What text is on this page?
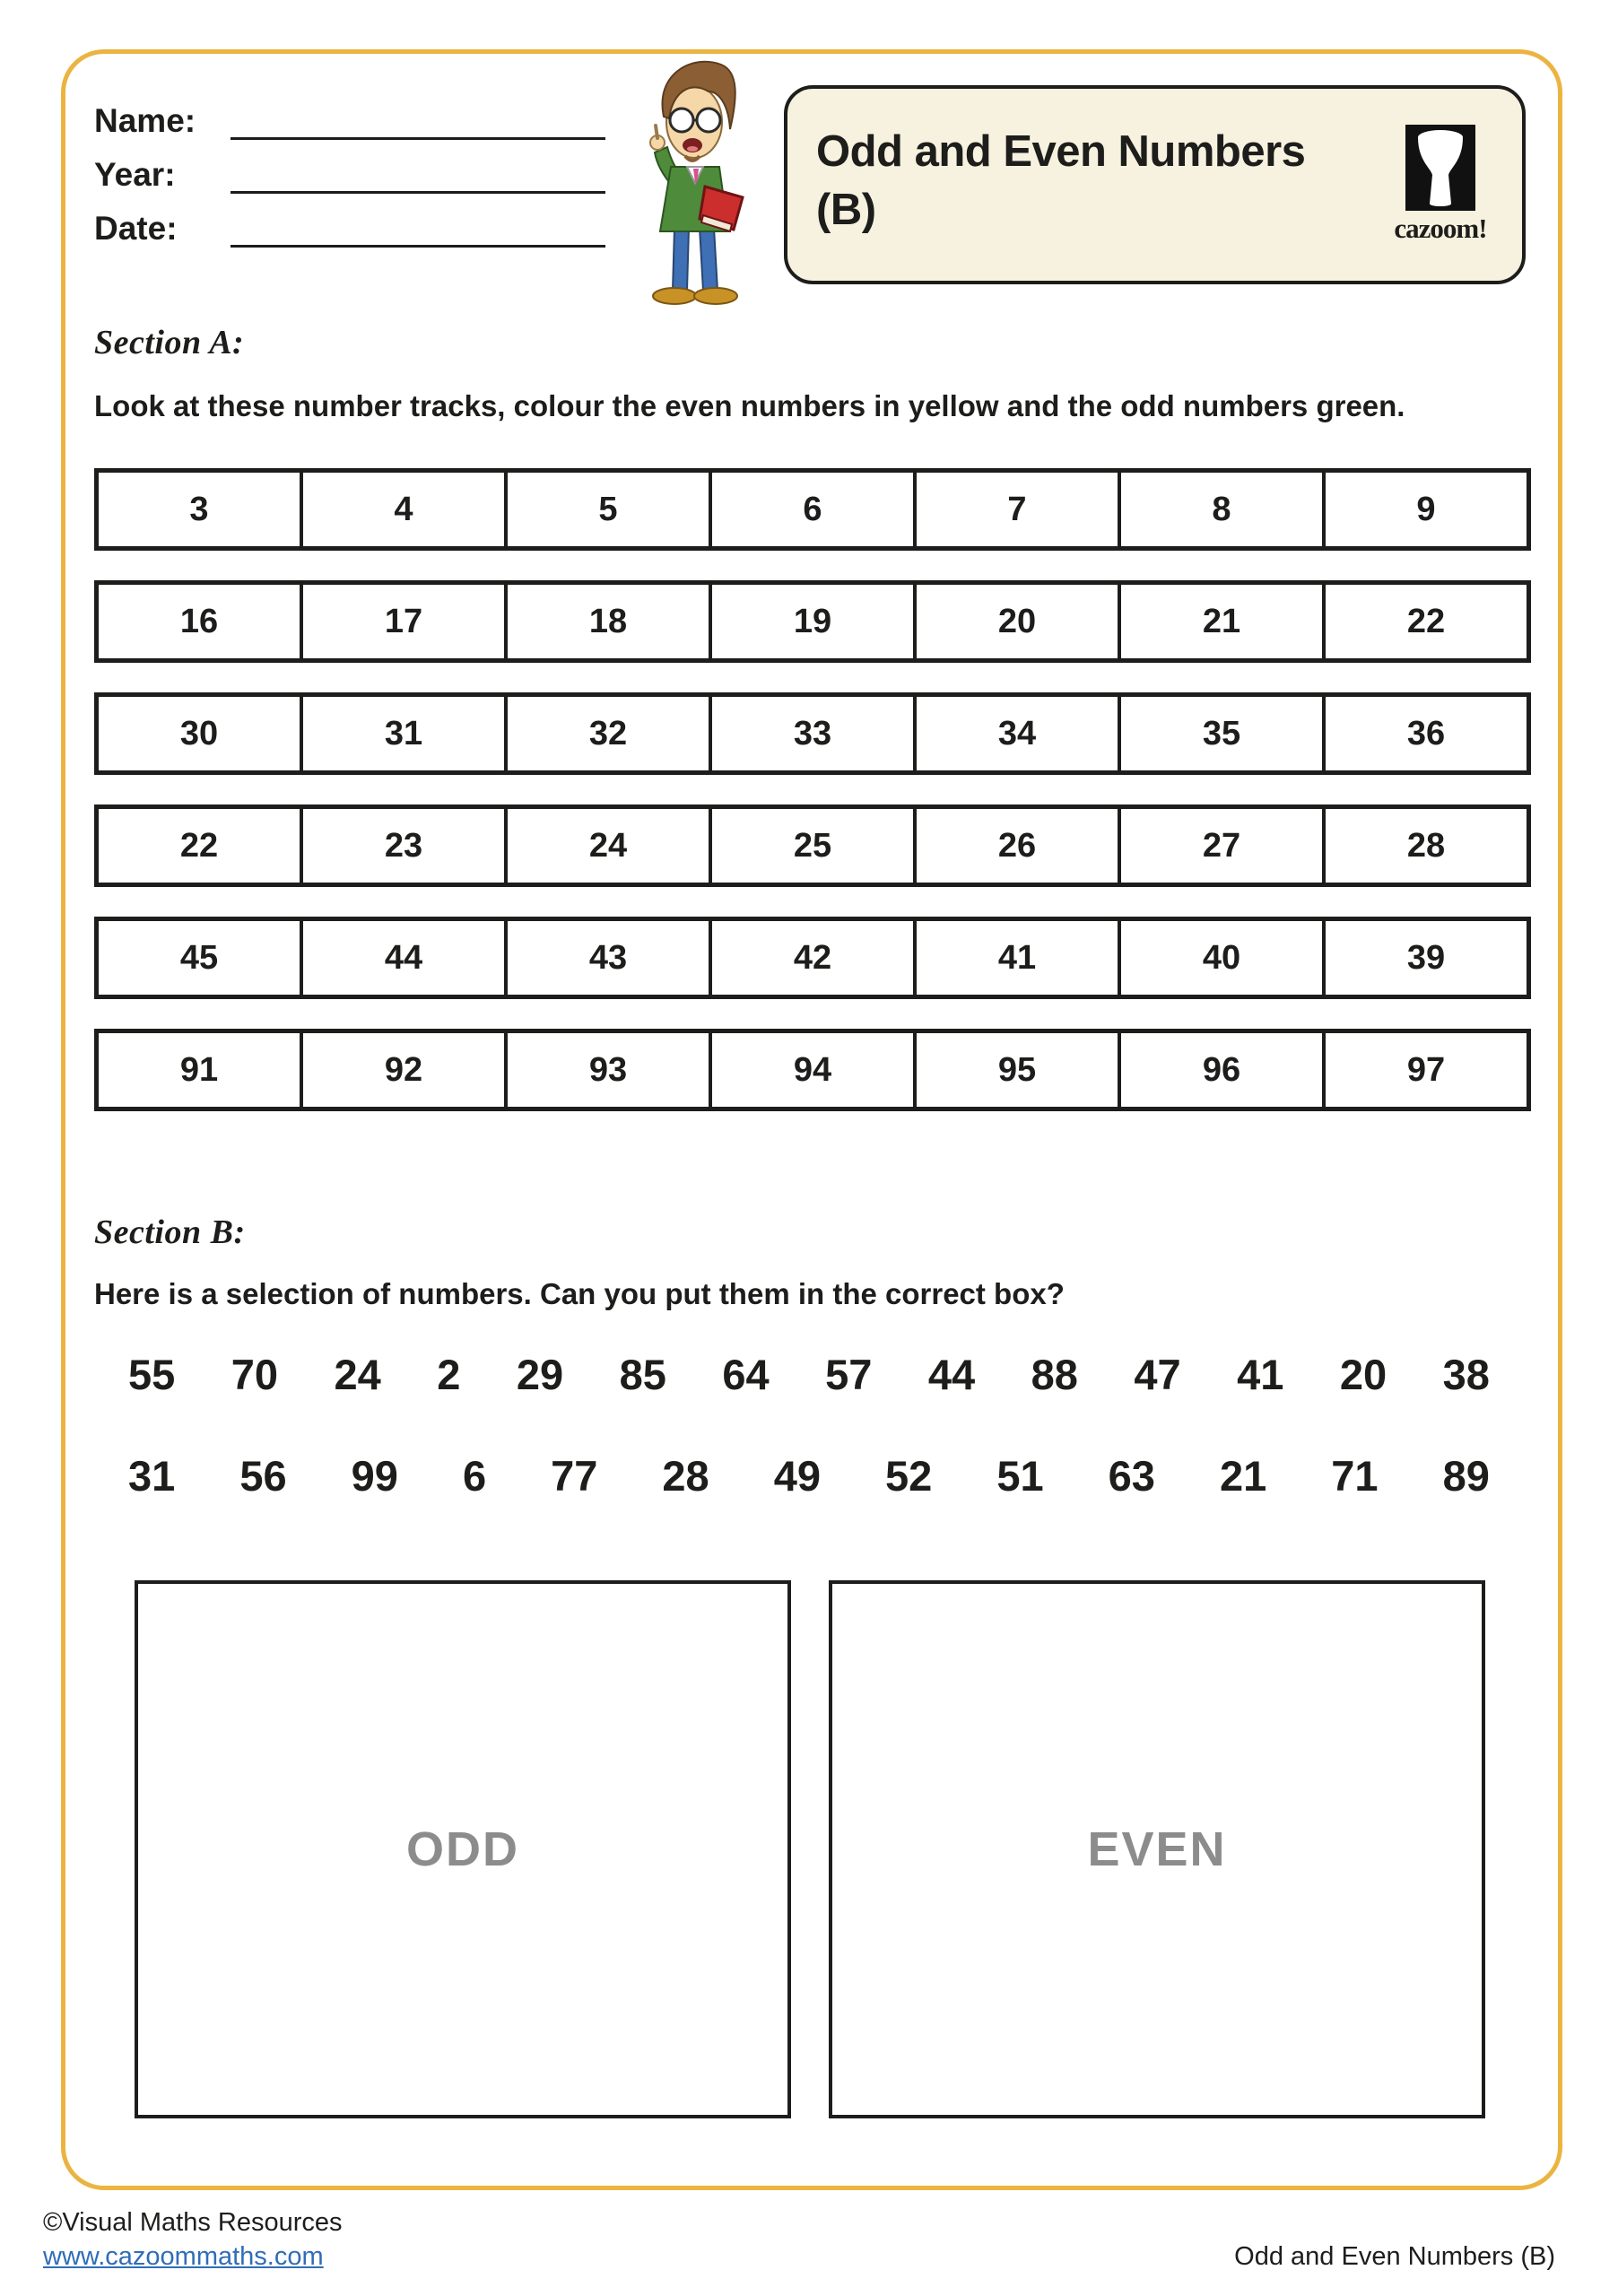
Name:
Year:
Date:
Odd and Even Numbers
(B)	cazoom!
Section A:
Look at these number tracks, colour the even numbers in yellow and the odd numbers green.
3	4	5	6	7	8	9
16	17	18	19	20	21	22
30	31	32	33	34	35	36
22	23	24	25	26	27	28
45	44	43	42	41	40	39
91	92	93	94	95	96	97
Section B:
Here is a selection of numbers. Can you put them in the correct box?
55 70 24 2 29 85 64 57 44 88 47 41 20 38
31 56 99 6 77 28 49 52 51 63 21 71 89
ODD	EVEN
©Visual Maths Resources
www.cazoommaths.com	Odd and Even Numbers (B)
